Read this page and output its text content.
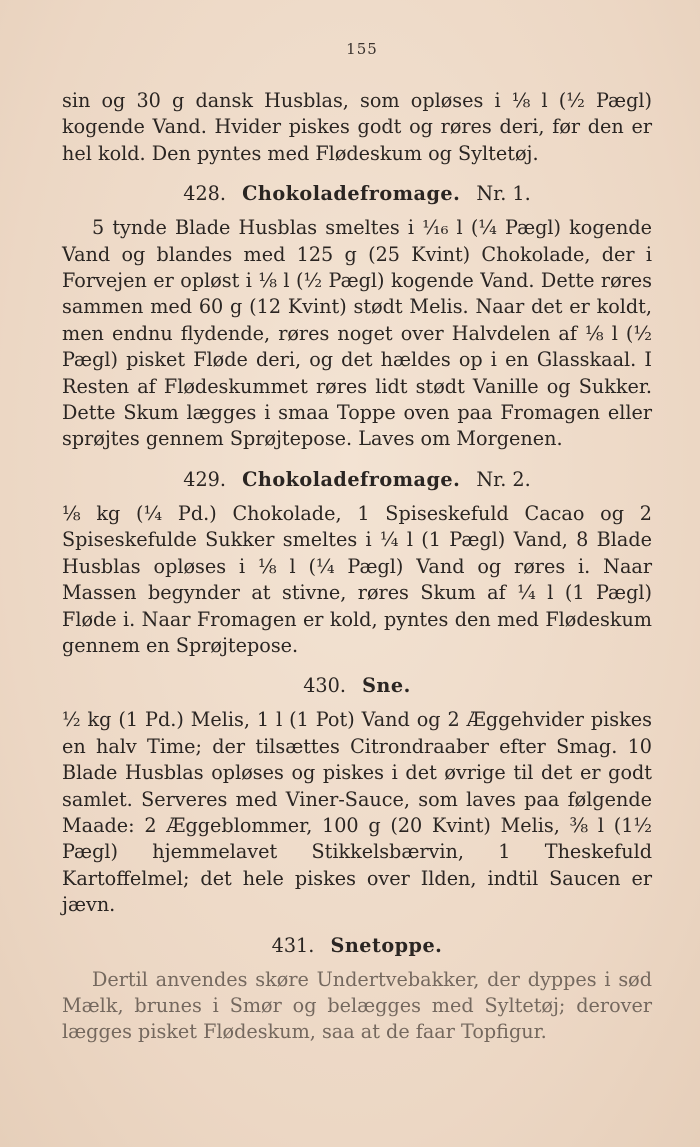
155

sin og 30 g dansk Husblas, som opløses i ⅛ l (½ Pægl) kogende Vand. Hvider piskes godt og røres deri, før den er hel kold. Den pyntes med Flødeskum og Syltetøj.

428. Chokoladefromage. Nr. 1.

5 tynde Blade Husblas smeltes i ¹⁄₁₆ l (¼ Pægl) kogende Vand og blandes med 125 g (25 Kvint) Chokolade, der i Forvejen er opløst i ⅛ l (½ Pægl) kogende Vand. Dette røres sammen med 60 g (12 Kvint) stødt Melis. Naar det er koldt, men endnu flydende, røres noget over Halvdelen af ⅛ l (½ Pægl) pisket Fløde deri, og det hældes op i en Glasskaal. I Resten af Flødeskummet røres lidt stødt Vanille og Sukker. Dette Skum lægges i smaa Toppe oven paa Fromagen eller sprøjtes gennem Sprøjtepose. Laves om Morgenen.

429. Chokoladefromage. Nr. 2.

⅛ kg (¼ Pd.) Chokolade, 1 Spiseskefuld Cacao og 2 Spiseskefulde Sukker smeltes i ¼ l (1 Pægl) Vand, 8 Blade Husblas opløses i ⅛ l (¼ Pægl) Vand og røres i. Naar Massen begynder at stivne, røres Skum af ¼ l (1 Pægl) Fløde i. Naar Fromagen er kold, pyntes den med Flødeskum gennem en Sprøjtepose.

430. Sne.

½ kg (1 Pd.) Melis, 1 l (1 Pot) Vand og 2 Æggehvider piskes en halv Time; der tilsættes Citrondraaber efter Smag. 10 Blade Husblas opløses og piskes i det øvrige til det er godt samlet. Serveres med Viner-Sauce, som laves paa følgende Maade: 2 Æggeblommer, 100 g (20 Kvint) Melis, ⅜ l (1½ Pægl) hjemmelavet Stikkelsbærvin, 1 Theskefuld Kartoffelmel; det hele piskes over Ilden, indtil Saucen er jævn.

431. Snetoppe.

Dertil anvendes skøre Undertvebakker, der dyppes i sød Mælk, brunes i Smør og belægges med Syltetøj; derover lægges pisket Flødeskum, saa at de faar Topfigur.
